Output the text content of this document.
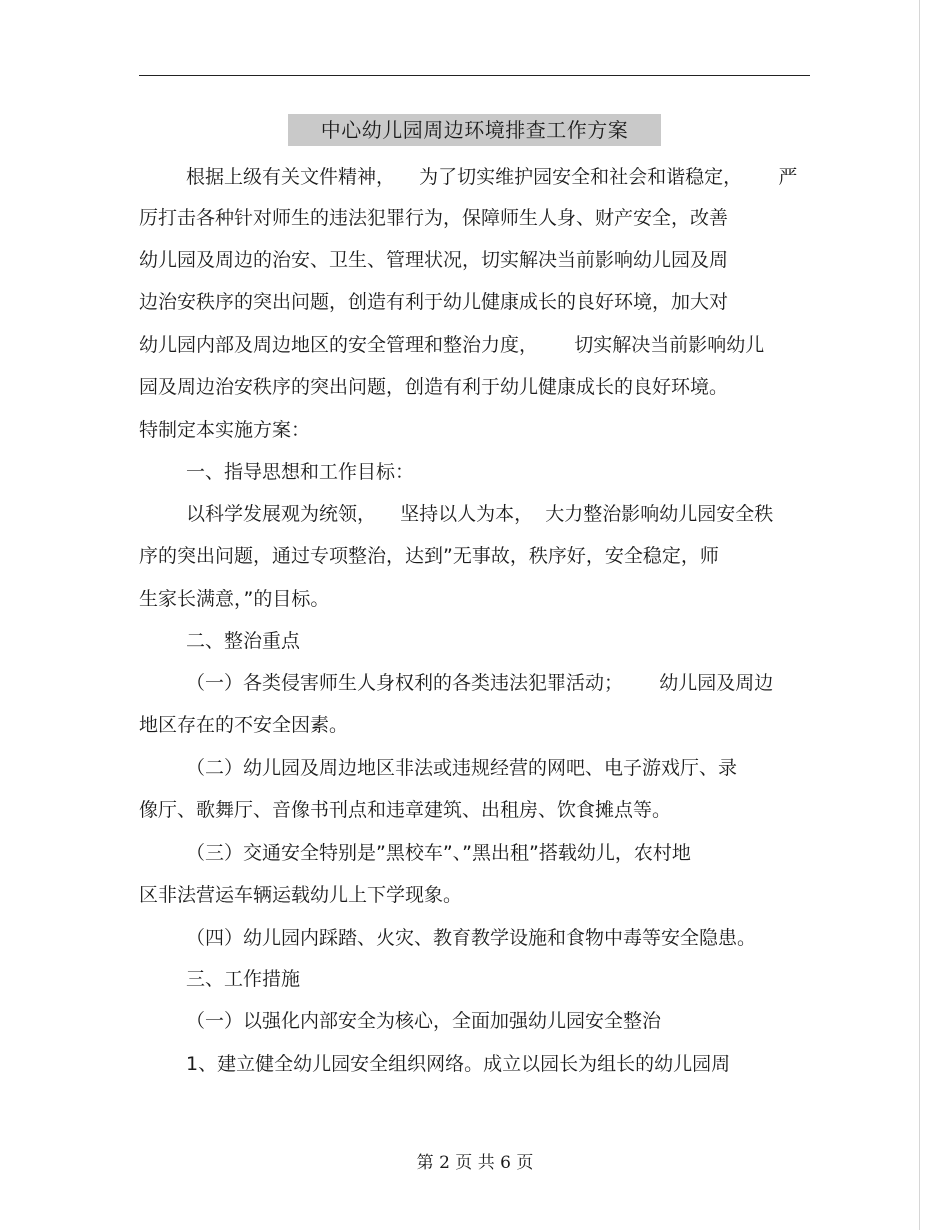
中心幼儿园周边环境排查工作方案
根据上级有关文件精神，    为了切实维护园安全和社会和谐稳定，      严
厉打击各种针对师生的违法犯罪行为，保障师生人身、财产安全，改善
幼儿园及周边的治安、卫生、管理状况，切实解决当前影响幼儿园及周
边治安秩序的突出问题，创造有利于幼儿健康成长的良好环境，加大对
幼儿园内部及周边地区的安全管理和整治力度，      切实解决当前影响幼儿
园及周边治安秩序的突出问题，创造有利于幼儿健康成长的良好环境。
特制定本实施方案：
一、指导思想和工作目标：
以科学发展观为统领，    坚持以人为本，  大力整治影响幼儿园安全秩
序的突出问题，通过专项整治，达到”无事故，秩序好，安全稳定，师
生家长满意，”的目标。
二、整治重点
（一）各类侵害师生人身权利的各类违法犯罪活动；      幼儿园及周边
地区存在的不安全因素。
（二）幼儿园及周边地区非法或违规经营的网吧、电子游戏厅、录
像厅、歌舞厅、音像书刊点和违章建筑、出租房、饮食摊点等。
（三）交通安全特别是”黑校车”、”黑出租”搭载幼儿，农村地
区非法营运车辆运载幼儿上下学现象。
（四）幼儿园内踩踏、火灾、教育教学设施和食物中毒等安全隐患。
三、工作措施
（一）以强化内部安全为核心，全面加强幼儿园安全整治
1、建立健全幼儿园安全组织网络。成立以园长为组长的幼儿园周
第 2 页 共 6 页
